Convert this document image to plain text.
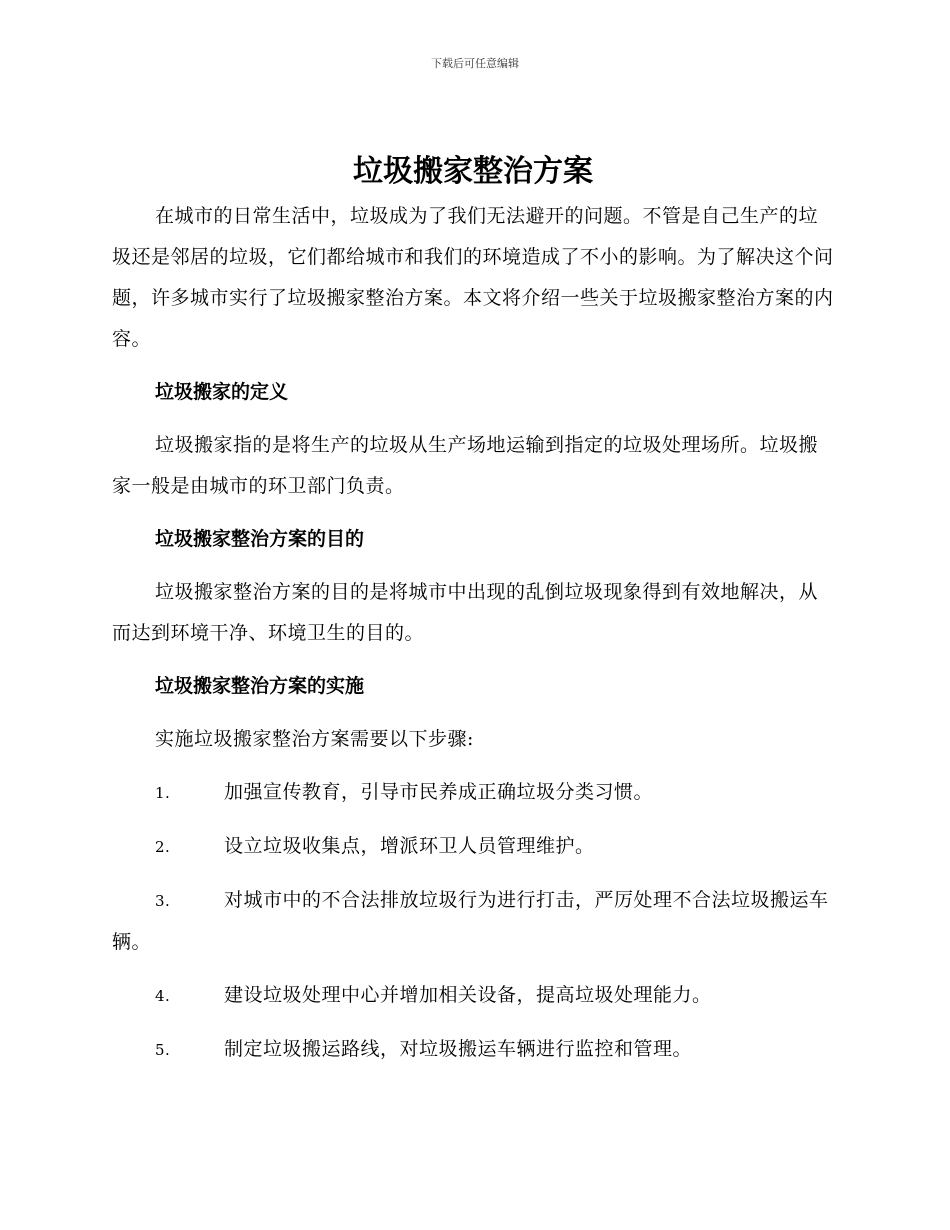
下载后可任意编辑
垃圾搬家整治方案

在城市的日常生活中，垃圾成为了我们无法避开的问题。不管是自己生产的垃圾还是邻居的垃圾，它们都给城市和我们的环境造成了不小的影响。为了解决这个问题，许多城市实行了垃圾搬家整治方案。本文将介绍一些关于垃圾搬家整治方案的内容。

垃圾搬家的定义

垃圾搬家指的是将生产的垃圾从生产场地运输到指定的垃圾处理场所。垃圾搬家一般是由城市的环卫部门负责。

垃圾搬家整治方案的目的

垃圾搬家整治方案的目的是将城市中出现的乱倒垃圾现象得到有效地解决，从而达到环境干净、环境卫生的目的。

垃圾搬家整治方案的实施

实施垃圾搬家整治方案需要以下步骤:

1.	加强宣传教育，引导市民养成正确垃圾分类习惯。
2.	设立垃圾收集点，增派环卫人员管理维护。
3.	对城市中的不合法排放垃圾行为进行打击，严厉处理不合法垃圾搬运车辆。
4.	建设垃圾处理中心并增加相关设备，提高垃圾处理能力。
5.	制定垃圾搬运路线，对垃圾搬运车辆进行监控和管理。
